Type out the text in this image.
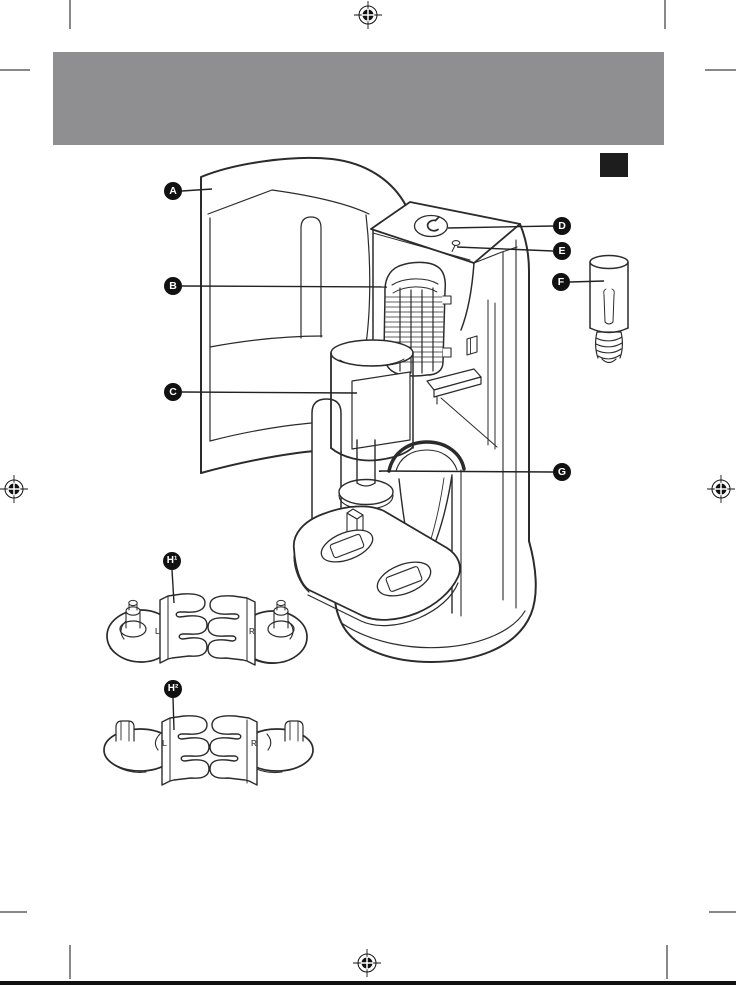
L	R
L	R
A
B
C
D
E
F
G
H¹
H²
